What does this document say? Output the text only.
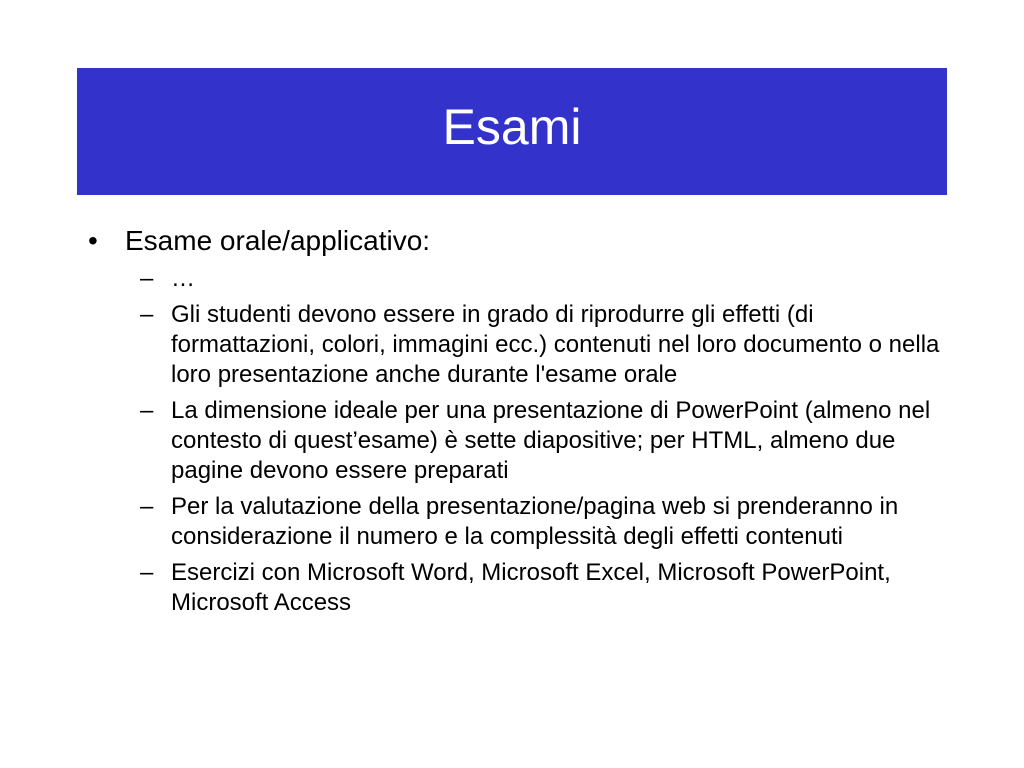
Esami
• Esame orale/applicativo:
– …
– Gli studenti devono essere in grado di riprodurre gli effetti (di formattazioni, colori, immagini ecc.) contenuti nel loro documento o nella loro presentazione anche durante l'esame orale
– La dimensione ideale per una presentazione di PowerPoint (almeno nel contesto di quest’esame) è sette diapositive; per HTML, almeno due pagine devono essere preparati
– Per la valutazione della presentazione/pagina web si prenderanno in considerazione il numero e la complessità degli effetti contenuti
– Esercizi con Microsoft Word, Microsoft Excel, Microsoft PowerPoint, Microsoft Access
